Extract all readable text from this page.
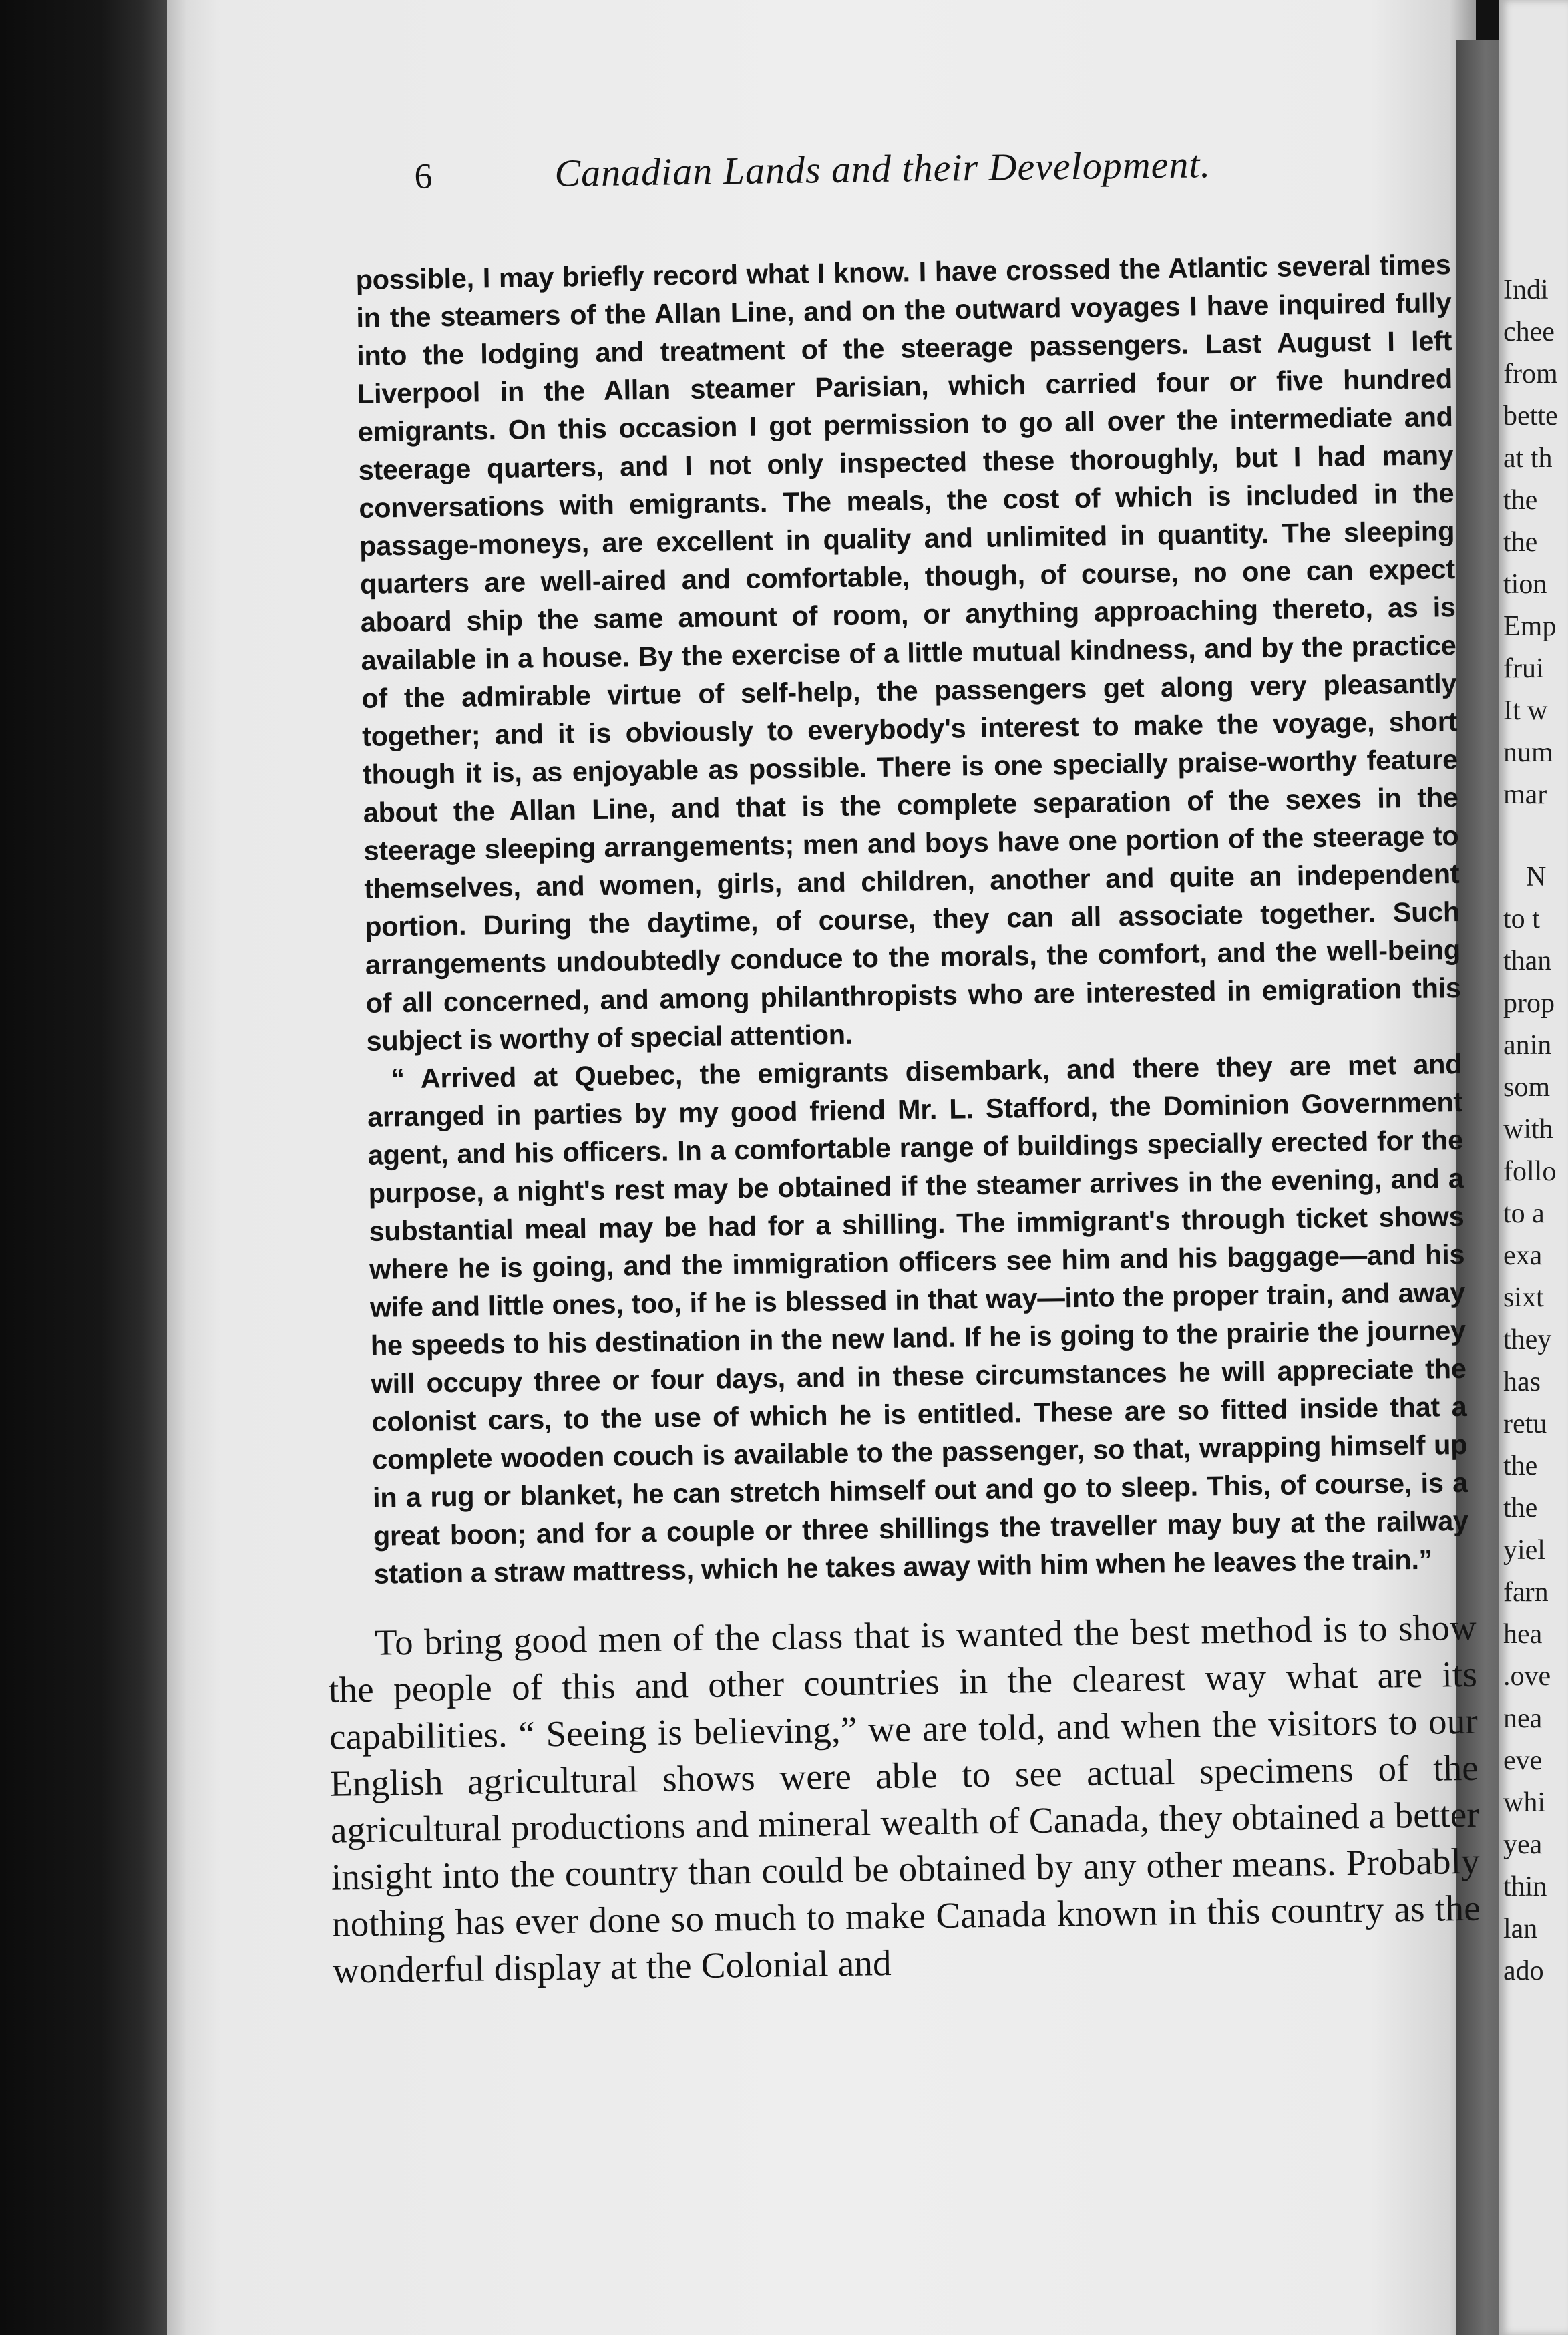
Indi
chee
from
bette
at th
the
the
tion
Emp
frui
It w
num
mar
N
to t
than
prop
anin
som
with
follo
to a
exa
sixt
they
has
retu
the
the
yiel
farn
hea
.ove
nea
eve
whi
yea
thin
lan
ado
6	Canadian Lands and their Development.

possible, I may briefly record what I know. I have crossed the Atlantic several times in the steamers of the Allan Line, and on the outward voyages I have inquired fully into the lodging and treatment of the steerage passengers. Last August I left Liverpool in the Allan steamer Parisian, which carried four or five hundred emigrants. On this occasion I got permission to go all over the intermediate and steerage quarters, and I not only inspected these thoroughly, but I had many conversations with emigrants. The meals, the cost of which is included in the passage-moneys, are excellent in quality and unlimited in quantity. The sleeping quarters are well-aired and comfortable, though, of course, no one can expect aboard ship the same amount of room, or anything approaching thereto, as is available in a house. By the exercise of a little mutual kindness, and by the practice of the admirable virtue of self-help, the passengers get along very pleasantly together; and it is obviously to everybody's interest to make the voyage, short though it is, as enjoyable as possible. There is one specially praise-worthy feature about the Allan Line, and that is the complete separation of the sexes in the steerage sleeping arrangements; men and boys have one portion of the steerage to themselves, and women, girls, and children, another and quite an independent portion. During the daytime, of course, they can all associate together. Such arrangements undoubtedly conduce to the morals, the comfort, and the well-being of all concerned, and among philanthropists who are interested in emigration this subject is worthy of special attention.

“ Arrived at Quebec, the emigrants disembark, and there they are met and arranged in parties by my good friend Mr. L. Stafford, the Dominion Government agent, and his officers. In a comfortable range of buildings specially erected for the purpose, a night's rest may be obtained if the steamer arrives in the evening, and a substantial meal may be had for a shilling. The immigrant's through ticket shows where he is going, and the immigration officers see him and his baggage—and his wife and little ones, too, if he is blessed in that way—into the proper train, and away he speeds to his destination in the new land. If he is going to the prairie the journey will occupy three or four days, and in these circumstances he will appreciate the colonist cars, to the use of which he is entitled. These are so fitted inside that a complete wooden couch is available to the passenger, so that, wrapping himself up in a rug or blanket, he can stretch himself out and go to sleep. This, of course, is a great boon; and for a couple or three shillings the traveller may buy at the railway station a straw mattress, which he takes away with him when he leaves the train.”

To bring good men of the class that is wanted the best method is to show the people of this and other countries in the clearest way what are its capabilities. “ Seeing is believing,” we are told, and when the visitors to our English agricultural shows were able to see actual specimens of the agricultural productions and mineral wealth of Canada, they obtained a better insight into the country than could be obtained by any other means. Probably nothing has ever done so much to make Canada known in this country as the wonderful display at the Colonial and
